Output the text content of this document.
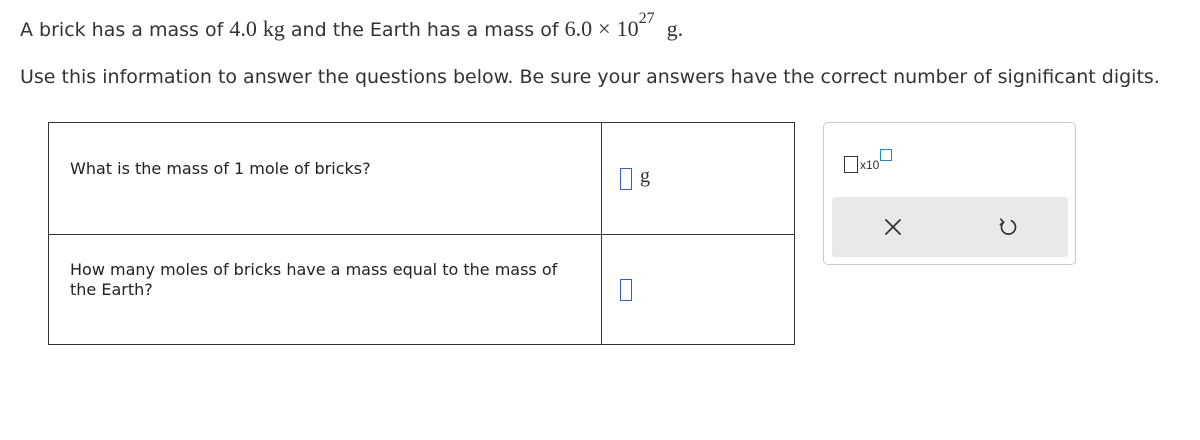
A brick has a mass of 4.0 kg and the Earth has a mass of $6.0 \times 10^{27}$ g.
Use this information to answer the questions below. Be sure your answers have the correct number of significant digits.
What is the mass of 1 mole of bricks?	g
How many moles of bricks have a mass equal to the mass of the Earth?
x10
